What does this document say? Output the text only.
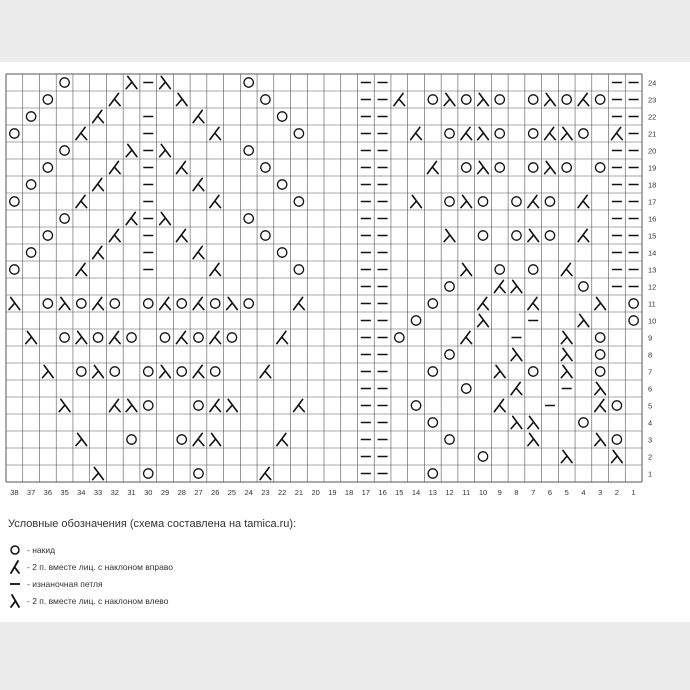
24
23
22
21
20
19
18
17
16
15
14
13
12
11
10
9
8
7
6
5
4
3
2
1
38 37 36 35 34 33 32 31 30 29 28 27 26 25 24 23 22 21 20 19 18 17 16 15 14 13 12 11 10 9 8 7 6 5 4 3 2 1
Условные обозначения (схема составлена на tamica.ru):
- накид
- 2 п. вместе лиц. с наклоном вправо
- изнаночная петля
- 2 п. вместе лиц. с наклоном влево
